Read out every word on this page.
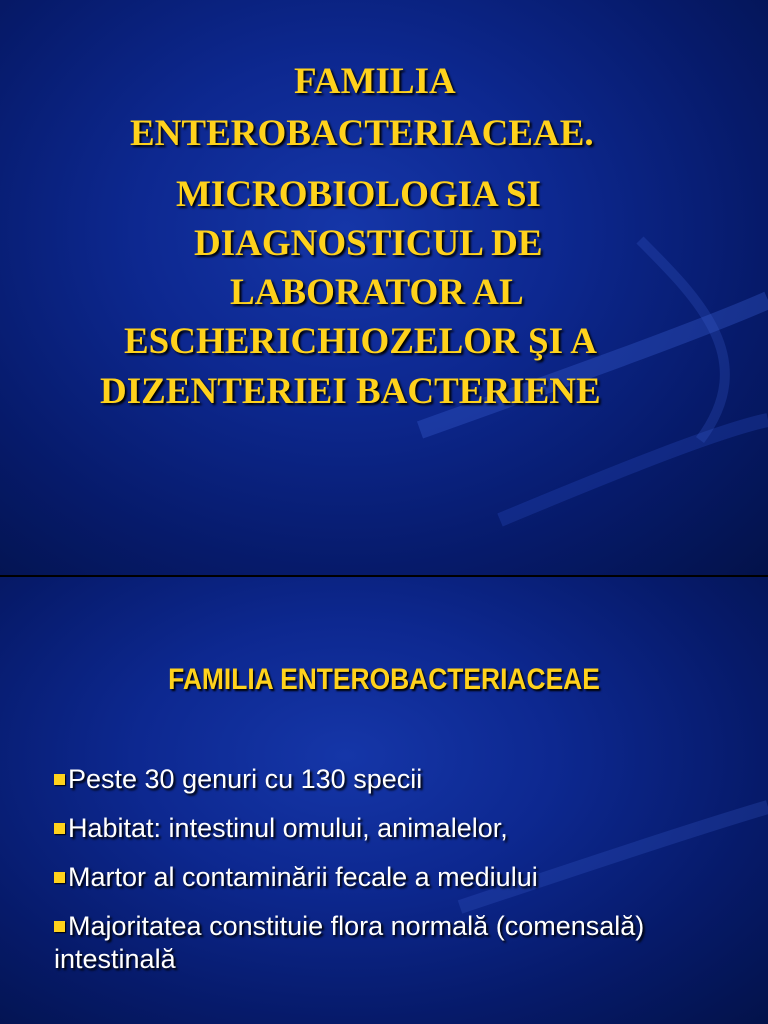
FAMILIA
ENTEROBACTERIACEAE.
MICROBIOLOGIA SI
DIAGNOSTICUL DE
LABORATOR AL
ESCHERICHIOZELOR ŞI A
DIZENTERIEI BACTERIENE
FAMILIA ENTEROBACTERIACEAE
Peste 30 genuri cu 130 specii
Habitat: intestinul omului, animalelor,
Martor al contaminării fecale a mediului
Majoritatea constituie flora normală (comensală) intestinală
